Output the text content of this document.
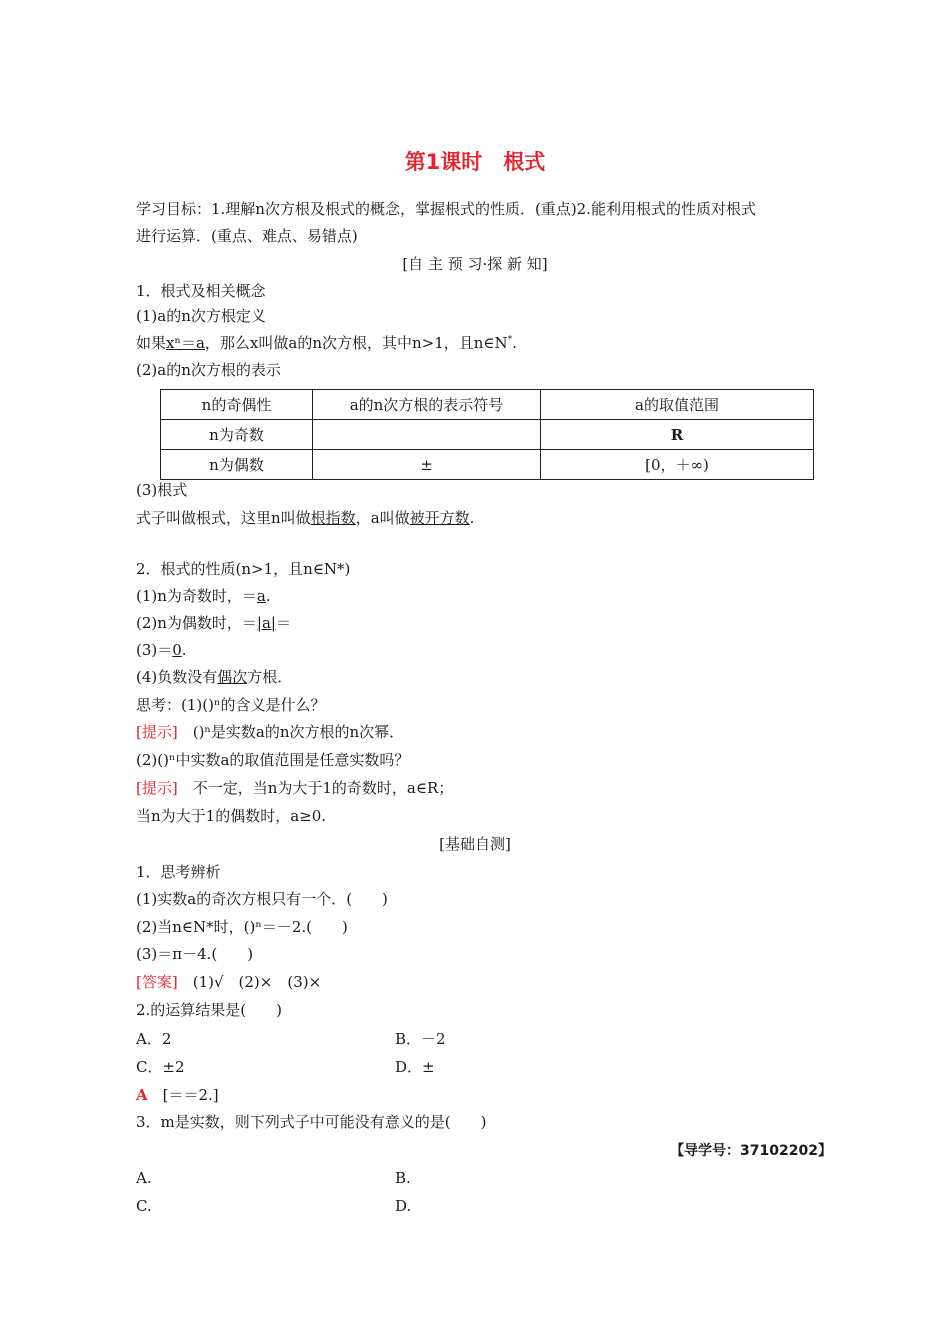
第1课时　根式
学习目标：1.理解n次方根及根式的概念，掌握根式的性质．(重点)2.能利用根式的性质对根式
进行运算．(重点、难点、易错点)
[自 主 预 习·探 新 知]
1．根式及相关概念
(1)a的n次方根定义
如果xⁿ＝a，那么x叫做a的n次方根，其中n>1，且n∈N*.
(2)a的n次方根的表示
n的奇偶性	a的n次方根的表示符号	a的取值范围
n为奇数		R
n为偶数	±	[0，＋∞)
(3)根式
式子叫做根式，这里n叫做根指数，a叫做被开方数.
2．根式的性质(n>1，且n∈N*)
(1)n为奇数时，＝a.
(2)n为偶数时，＝|a|＝
(3)＝0.
(4)负数没有偶次方根．
思考：(1)()ⁿ的含义是什么？
[提示]　()ⁿ是实数a的n次方根的n次幂．
(2)()ⁿ中实数a的取值范围是任意实数吗？
[提示]　不一定，当n为大于1的奇数时，a∈R；
当n为大于1的偶数时，a≥0.
[基础自测]
1．思考辨析
(1)实数a的奇次方根只有一个．(　　)
(2)当n∈N*时，()ⁿ＝－2.(　　)
(3)＝π－4.(　　)
[答案]　(1)√　(2)×　(3)×
2.的运算结果是(　　)
A．2	B．－2
C．±2	D．±
A　[＝＝2.]
3．m是实数，则下列式子中可能没有意义的是(　　)
【导学号：37102202】
A.	B.
C.	D.
